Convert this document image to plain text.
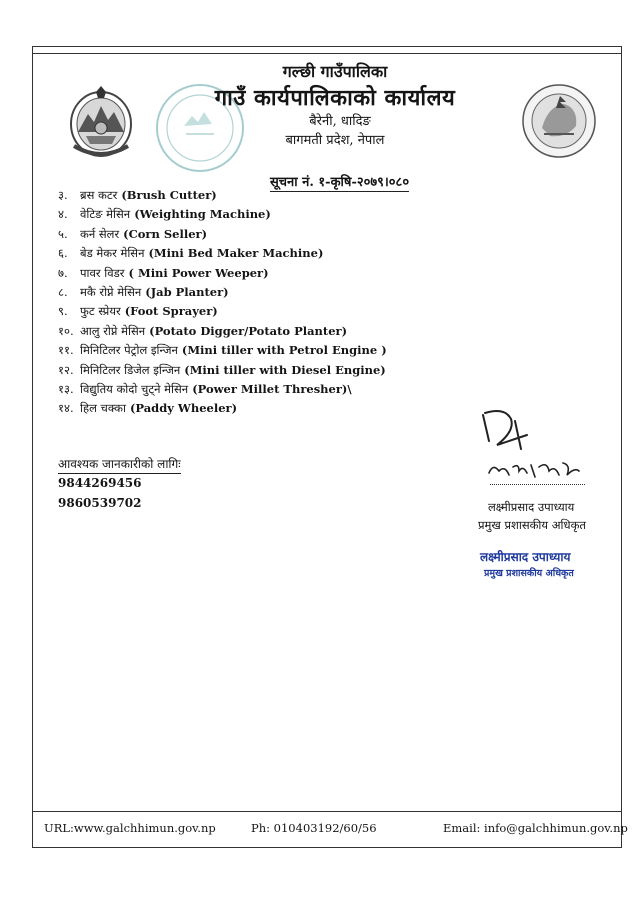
गल्छी गाउँपालिका
गाउँ कार्यपालिकाको कार्यालय
बैरेनी, धादिङ
बागमती प्रदेश, नेपाल
सूचना नं. १-कृषि-२०७९।०८०
३. ब्रस कटर (Brush Cutter)
४. वेटिङ मेसिन (Weighting Machine)
५. कर्न सेलर (Corn Seller)
६. बेड मेकर मेसिन (Mini Bed Maker Machine)
७. पावर विडर ( Mini Power Weeper)
८. मकै रोप्ने मेसिन (Jab Planter)
९. फुट स्प्रेयर (Foot Sprayer)
१०. आलु रोप्ने मेसिन (Potato Digger/Potato Planter)
११. मिनिटिलर पेट्रोल इन्जिन (Mini tiller with Petrol Engine )
१२. मिनिटिलर डिजेल इन्जिन (Mini tiller with Diesel Engine)
१३. विद्युतिय कोदो चुट्ने मेसिन (Power Millet Thresher)\
१४. हिल चक्का (Paddy Wheeler)
आवश्यक जानकारीको लागिः
9844269456
9860539702	लक्ष्मीप्रसाद उपाध्याय
प्रमुख प्रशासकीय अधिकृत
लक्ष्मीप्रसाद उपाध्याय
प्रमुख प्रशासकीय अधिकृत
URL:www.galchhimun.gov.np	Ph: 010403192/60/56	Email: info@galchhimun.gov.np
